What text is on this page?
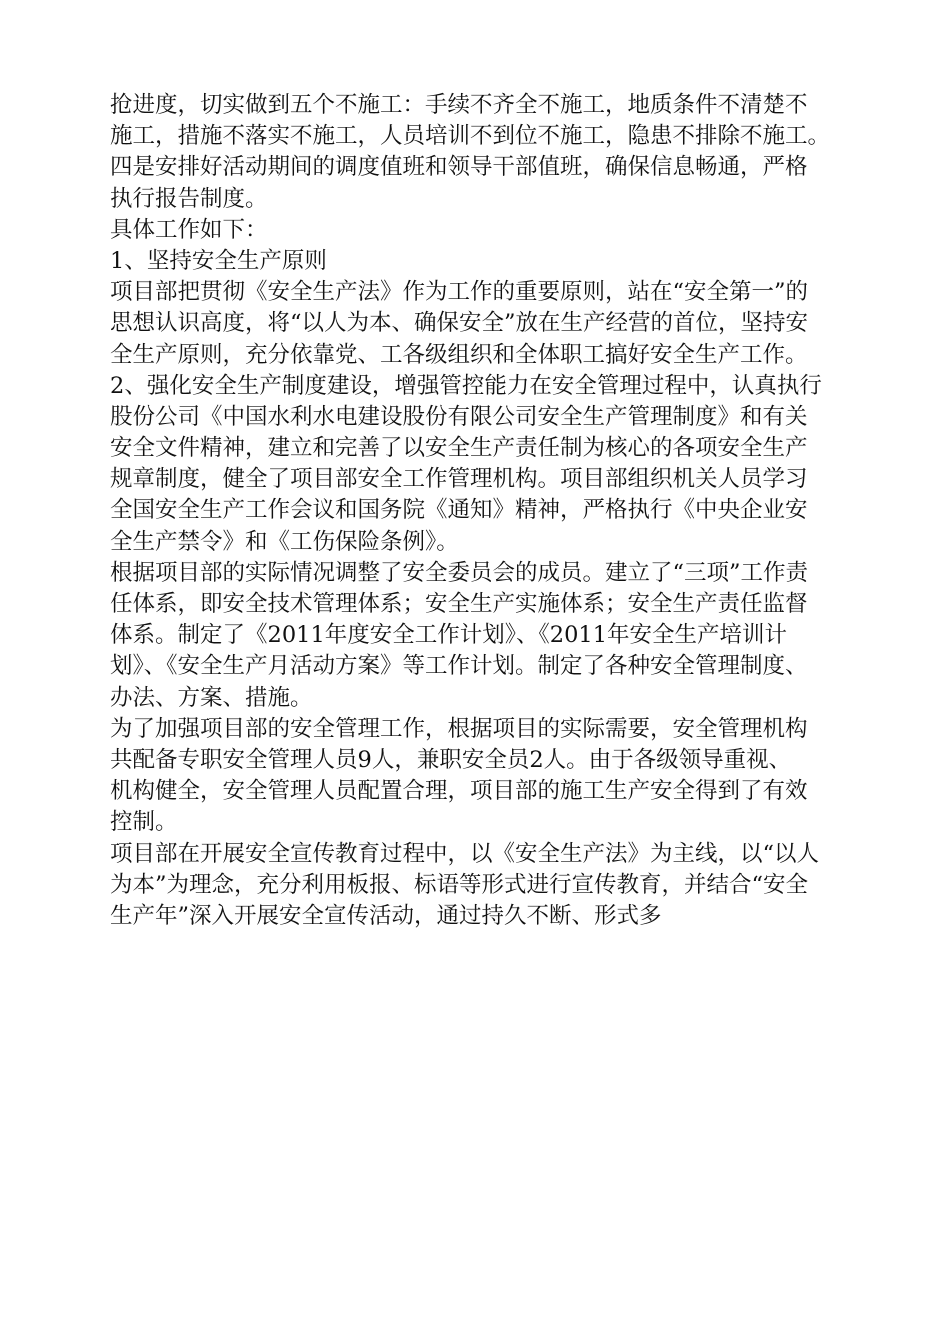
抢进度，切实做到五个不施工：手续不齐全不施工，地质条件不清楚不
施工，措施不落实不施工，人员培训不到位不施工，隐患不排除不施工。
四是安排好活动期间的调度值班和领导干部值班，确保信息畅通，严格
执行报告制度。
具体工作如下：
1、坚持安全生产原则
项目部把贯彻《安全生产法》作为工作的重要原则，站在“安全第一”的
思想认识高度，将“以人为本、确保安全”放在生产经营的首位，坚持安
全生产原则，充分依靠党、工各级组织和全体职工搞好安全生产工作。
2、强化安全生产制度建设，增强管控能力在安全管理过程中，认真执行
股份公司《中国水利水电建设股份有限公司安全生产管理制度》和有关
安全文件精神，建立和完善了以安全生产责任制为核心的各项安全生产
规章制度，健全了项目部安全工作管理机构。项目部组织机关人员学习
全国安全生产工作会议和国务院《通知》精神，严格执行《中央企业安
全生产禁令》和《工伤保险条例》。
根据项目部的实际情况调整了安全委员会的成员。建立了“三项”工作责
任体系，即安全技术管理体系；安全生产实施体系；安全生产责任监督
体系。制定了《2011年度安全工作计划》、《2011年安全生产培训计
划》、《安全生产月活动方案》等工作计划。制定了各种安全管理制度、
办法、方案、措施。
为了加强项目部的安全管理工作，根据项目的实际需要，安全管理机构
共配备专职安全管理人员9人，兼职安全员2人。由于各级领导重视、
机构健全，安全管理人员配置合理，项目部的施工生产安全得到了有效
控制。
项目部在开展安全宣传教育过程中，以《安全生产法》为主线，以“以人
为本”为理念，充分利用板报、标语等形式进行宣传教育，并结合“安全
生产年”深入开展安全宣传活动，通过持久不断、形式多
